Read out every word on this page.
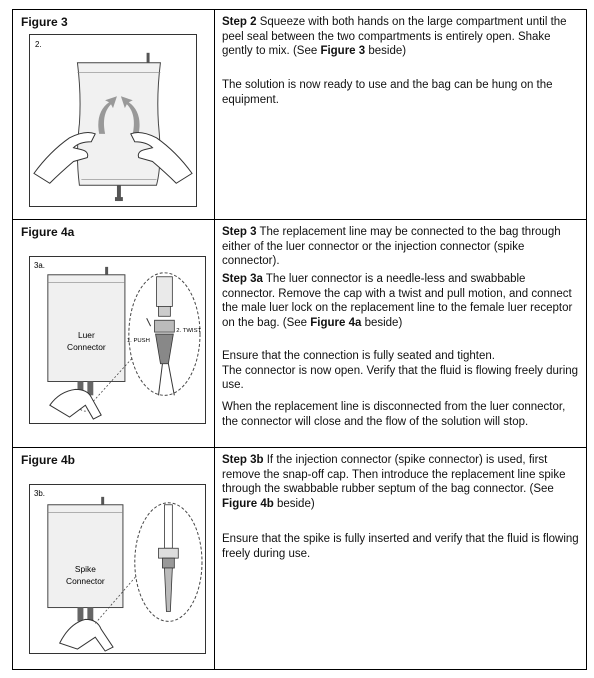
Figure 3
2.

Step 2 Squeeze with both hands on the large compartment until the peel seal between the two compartments is entirely open. Shake gently to mix. (See Figure 3 beside)

The solution is now ready to use and the bag can be hung on the equipment.

Figure 4a
3a.
Luer
Connector
1. PUSH
2. TWIST

Step 3 The replacement line may be connected to the bag through either of the luer connector or the injection connector (spike connector).

Step 3a The luer connector is a needle-less and swabbable connector. Remove the cap with a twist and pull motion, and connect the male luer lock on the replacement line to the female luer receptor on the bag. (See Figure 4a beside)

Ensure that the connection is fully seated and tighten.

The connector is now open. Verify that the fluid is flowing freely during use.

When the replacement line is disconnected from the luer connector, the connector will close and the flow of the solution will stop.

Figure 4b
3b.
Spike
Connector

Step 3b If the injection connector (spike connector) is used, first remove the snap-off cap. Then introduce the replacement line spike through the swabbable rubber septum of the bag connector. (See Figure 4b beside)

Ensure that the spike is fully inserted and verify that the fluid is flowing freely during use.
